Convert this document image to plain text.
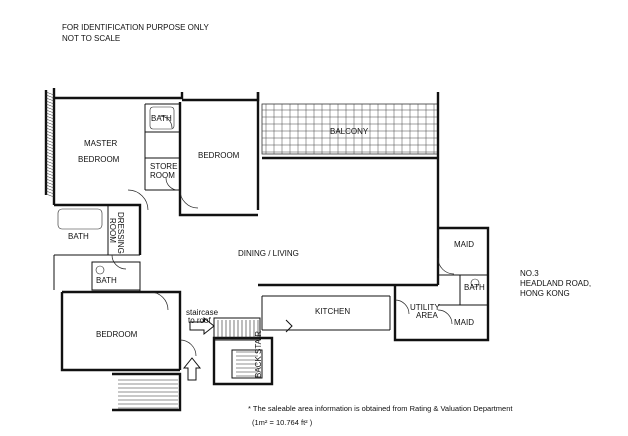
FOR IDENTIFICATION PURPOSE ONLY
NOT TO SCALE
BALCONY
MASTER
BEDROOM
BATH
STORE
ROOM
BEDROOM
BATH	DRESSING
ROOM
DINING / LIVING
BATH
BEDROOM
staircase
to roof
KITCHEN
BACK STAIR
UTILITY
AREA
MAID
BATH
MAID
NO.3
HEADLAND ROAD,
HONG KONG
* The saleable area information is obtained from Rating & Valuation Department
(1m² = 10.764 ft² )
